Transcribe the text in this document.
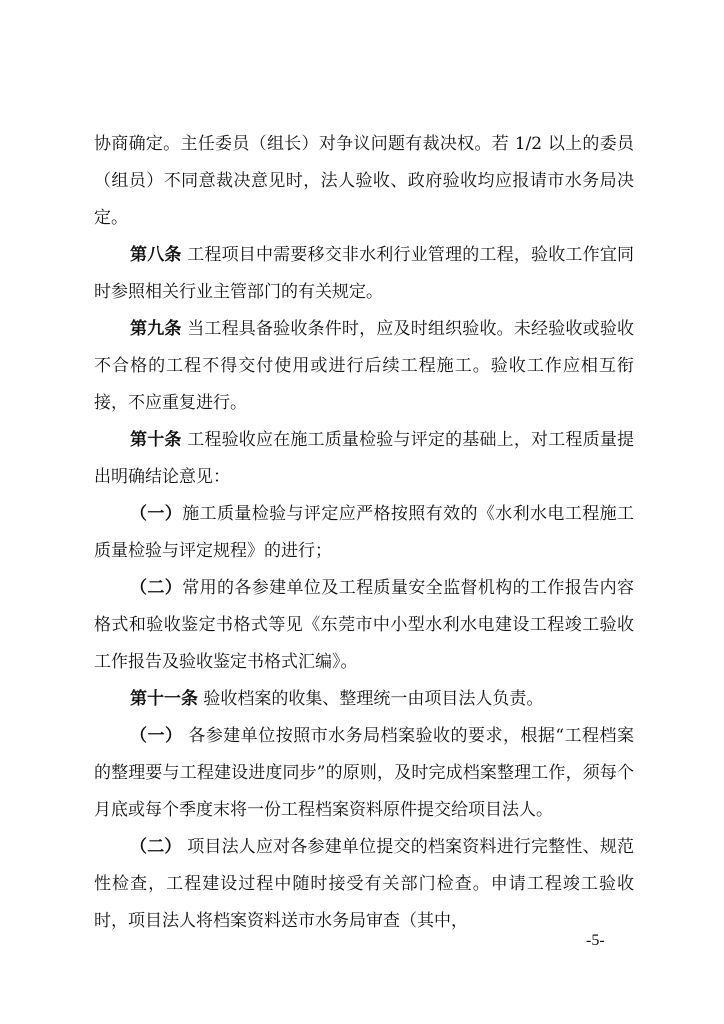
协商确定。主任委员（组长）对争议问题有裁决权。若 1/2 以上的委员（组员）不同意裁决意见时，法人验收、政府验收均应报请市水务局决定。

第八条 工程项目中需要移交非水利行业管理的工程，验收工作宜同时参照相关行业主管部门的有关规定。

第九条 当工程具备验收条件时，应及时组织验收。未经验收或验收不合格的工程不得交付使用或进行后续工程施工。验收工作应相互衔接，不应重复进行。

第十条 工程验收应在施工质量检验与评定的基础上，对工程质量提出明确结论意见：

（一）施工质量检验与评定应严格按照有效的《水利水电工程施工质量检验与评定规程》的进行；

（二）常用的各参建单位及工程质量安全监督机构的工作报告内容格式和验收鉴定书格式等见《东莞市中小型水利水电建设工程竣工验收工作报告及验收鉴定书格式汇编》。

第十一条 验收档案的收集、整理统一由项目法人负责。

（一） 各参建单位按照市水务局档案验收的要求，根据“工程档案的整理要与工程建设进度同步”的原则，及时完成档案整理工作，须每个月底或每个季度末将一份工程档案资料原件提交给项目法人。

（二） 项目法人应对各参建单位提交的档案资料进行完整性、规范性检查，工程建设过程中随时接受有关部门检查。申请工程竣工验收时，项目法人将档案资料送市水务局审查（其中，

-5-
